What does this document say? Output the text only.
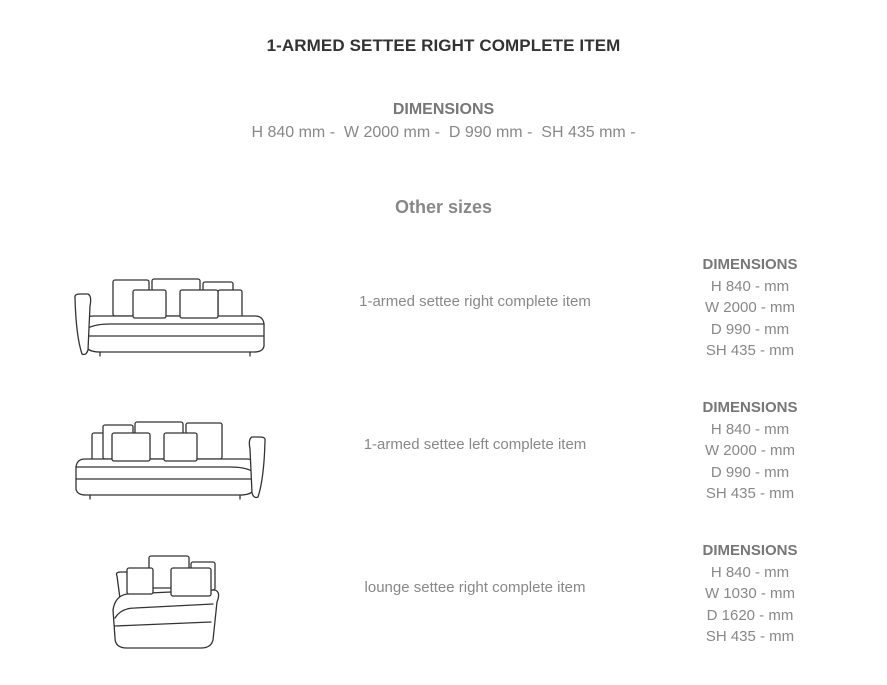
1-ARMED SETTEE RIGHT COMPLETE ITEM
DIMENSIONS
H 840 mm -  W 2000 mm -  D 990 mm -  SH 435 mm -
Other sizes
1-armed settee right complete item
DIMENSIONS
H 840 - mm
W 2000 - mm
D 990 - mm
SH 435 - mm
1-armed settee left complete item
DIMENSIONS
H 840 - mm
W 2000 - mm
D 990 - mm
SH 435 - mm
lounge settee right complete item
DIMENSIONS
H 840 - mm
W 1030 - mm
D 1620 - mm
SH 435 - mm
